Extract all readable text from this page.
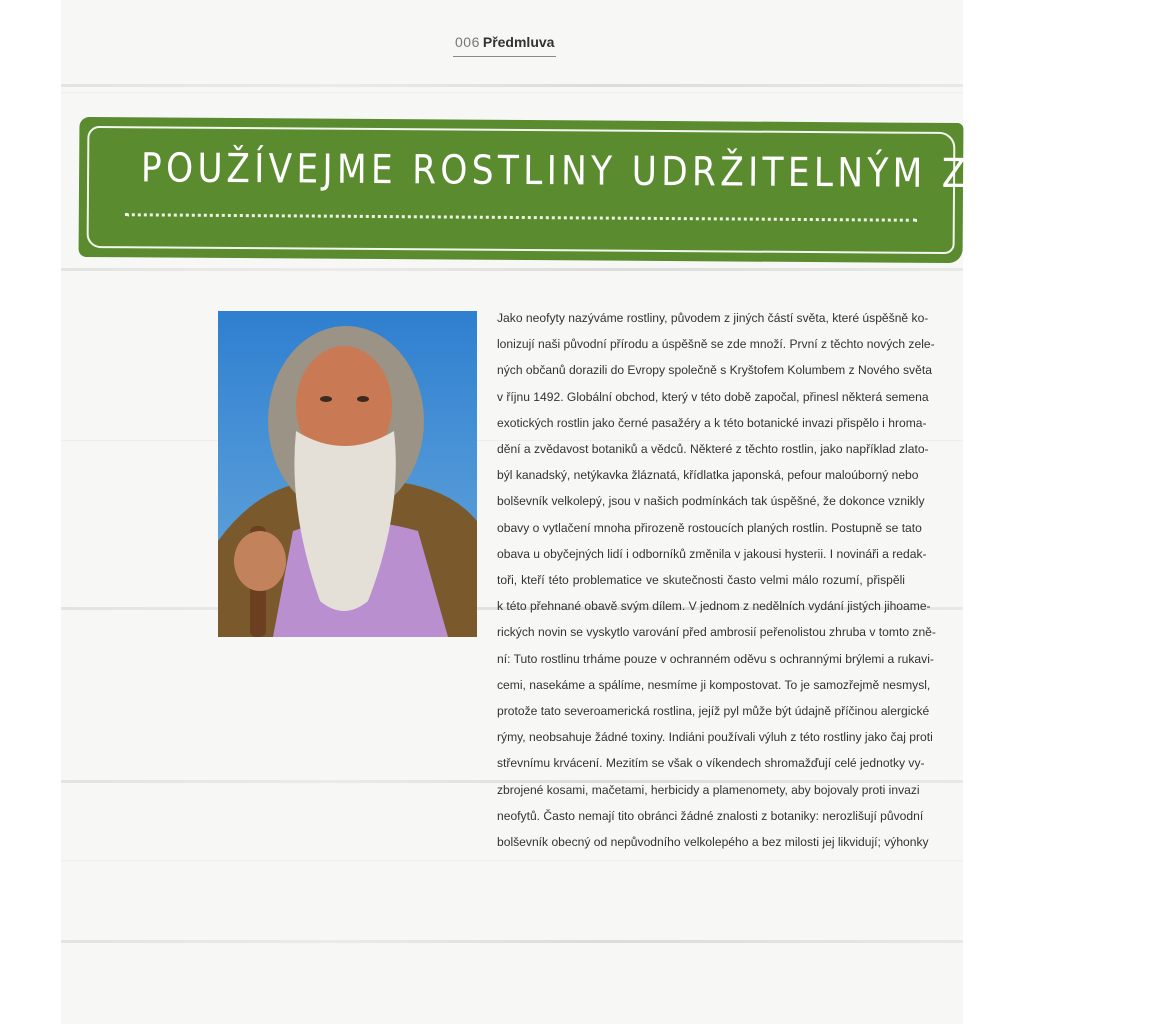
006 Předmluva
POUŽÍVEJME ROSTLINY UDRŽITELNÝM ZPŮSOBEM
Jako neofyty nazýváme rostliny, původem z jiných částí světa, které úspěšně ko-
lonizují naši původní přírodu a úspěšně se zde množí. První z těchto nových zele-
ných občanů dorazili do Evropy společně s Kryštofem Kolumbem z Nového světa
v říjnu 1492. Globální obchod, který v této době započal, přinesl některá semena
exotických rostlin jako černé pasažéry a k této botanické invazi přispělo i hroma-
dění a zvědavost botaniků a vědců. Některé z těchto rostlin, jako například zlato-
býl kanadský, netýkavka žláznatá, křídlatka japonská, pefour maloúborný nebo
bolševník velkolepý, jsou v našich podmínkách tak úspěšné, že dokonce vznikly
obavy o vytlačení mnoha přirozeně rostoucích planých rostlin. Postupně se tato
obava u obyčejných lidí i odborníků změnila v jakousi hysterii. I novináři a redak-
toři, kteří této problematice ve skutečnosti často velmi málo rozumí, přispěli
k této přehnané obavě svým dílem. V jednom z nedělních vydání jistých jihoame-
rických novin se vyskytlo varování před ambrosií peřenolistou zhruba v tomto zně-
ní: Tuto rostlinu trháme pouze v ochranném oděvu s ochrannými brýlemi a rukavi-
cemi, nasekáme a spálíme, nesmíme ji kompostovat. To je samozřejmě nesmysl,
protože tato severoamerická rostlina, jejíž pyl může být údajně příčinou alergické
rýmy, neobsahuje žádné toxiny. Indiáni používali výluh z této rostliny jako čaj proti
střevnímu krvácení. Mezitím se však o víkendech shromažďují celé jednotky vy-
zbrojené kosami, mačetami, herbicidy a plamenomety, aby bojovaly proti invazi
neofytů. Často nemají tito obránci žádné znalosti z botaniky: nerozlišují původní
bolševník obecný od nepůvodního velkolepého a bez milosti jej likvidují; výhonky
